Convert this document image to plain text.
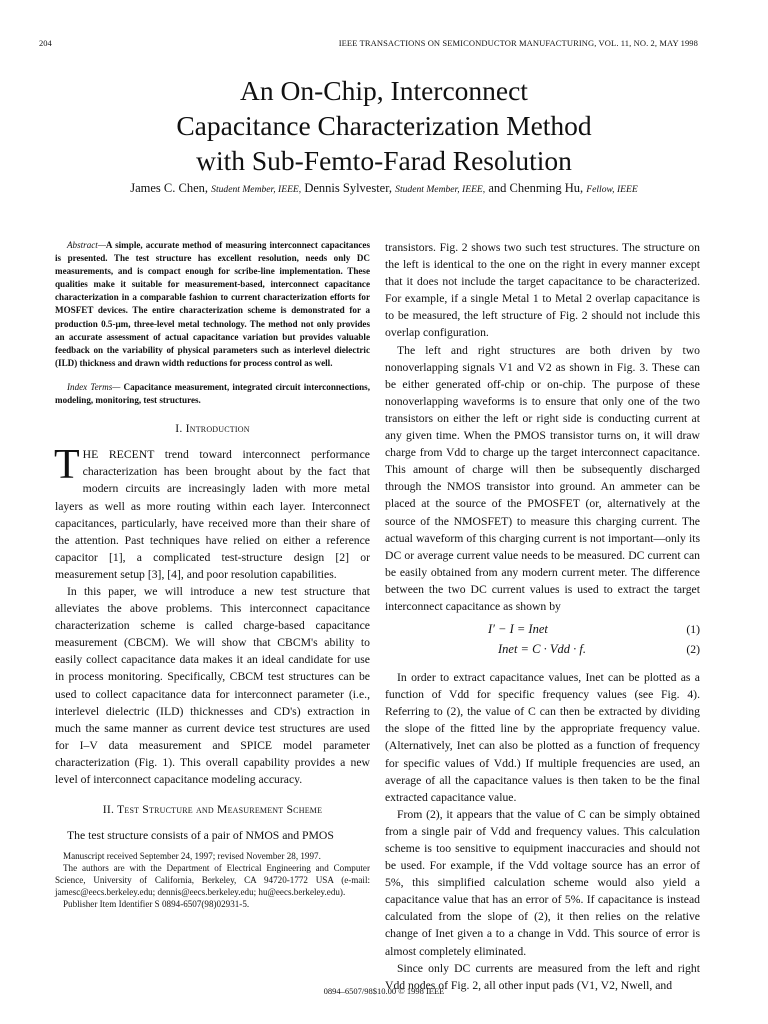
204	IEEE TRANSACTIONS ON SEMICONDUCTOR MANUFACTURING, VOL. 11, NO. 2, MAY 1998
An On-Chip, Interconnect
Capacitance Characterization Method
with Sub-Femto-Farad Resolution
James C. Chen, Student Member, IEEE, Dennis Sylvester, Student Member, IEEE, and Chenming Hu, Fellow, IEEE

Abstract—A simple, accurate method of measuring interconnect capacitances is presented. The test structure has excellent resolution, needs only DC measurements, and is compact enough for scribe-line implementation. These qualities make it suitable for measurement-based, interconnect capacitance characterization in a comparable fashion to current characterization efforts for MOSFET devices. The entire characterization scheme is demonstrated for a production 0.5-μm, three-level metal technology. The method not only provides an accurate assessment of actual capacitance variation but provides valuable feedback on the variability of physical parameters such as interlevel dielectric (ILD) thickness and drawn width reductions for process control as well.

Index Terms— Capacitance measurement, integrated circuit interconnections, modeling, monitoring, test structures.

I. Introduction

THE RECENT trend toward interconnect performance characterization has been brought about by the fact that modern circuits are increasingly laden with more metal layers as well as more routing within each layer. Interconnect capacitances, particularly, have received more than their share of the attention. Past techniques have relied on either a reference capacitor [1], a complicated test-structure design [2] or measurement setup [3], [4], and poor resolution capabilities.

In this paper, we will introduce a new test structure that alleviates the above problems. This interconnect capacitance characterization scheme is called charge-based capacitance measurement (CBCM). We will show that CBCM's ability to easily collect capacitance data makes it an ideal candidate for use in process monitoring. Specifically, CBCM test structures can be used to collect capacitance data for interconnect parameter (i.e., interlevel dielectric (ILD) thicknesses and CD's) extraction in much the same manner as current device test structures are used for I–V data measurement and SPICE model parameter characterization (Fig. 1). This overall capability provides a new level of interconnect capacitance modeling accuracy.

II. Test Structure and Measurement Scheme

The test structure consists of a pair of NMOS and PMOS

Manuscript received September 24, 1997; revised November 28, 1997.

The authors are with the Department of Electrical Engineering and Computer Science, University of California, Berkeley, CA 94720-1772 USA (e-mail: jamesc@eecs.berkeley.edu; dennis@eecs.berkeley.edu; hu@eecs.berkeley.edu).

Publisher Item Identifier S 0894-6507(98)02931-5.

transistors. Fig. 2 shows two such test structures. The structure on the left is identical to the one on the right in every manner except that it does not include the target capacitance to be characterized. For example, if a single Metal 1 to Metal 2 overlap capacitance is to be measured, the left structure of Fig. 2 should not include this overlap configuration.

The left and right structures are both driven by two nonoverlapping signals V1 and V2 as shown in Fig. 3. These can be either generated off-chip or on-chip. The purpose of these nonoverlapping waveforms is to ensure that only one of the two transistors on either the left or right side is conducting current at any given time. When the PMOS transistor turns on, it will draw charge from Vdd to charge up the target interconnect capacitance. This amount of charge will then be subsequently discharged through the NMOS transistor into ground. An ammeter can be placed at the source of the PMOSFET (or, alternatively at the source of the NMOSFET) to measure this charging current. The actual waveform of this charging current is not important—only its DC or average current value needs to be measured. DC current can be easily obtained from any modern current meter. The difference between the two DC current values is used to extract the target interconnect capacitance as shown by

I′ − I = Inet	(1)
Inet = C · Vdd · f.	(2)

In order to extract capacitance values, Inet can be plotted as a function of Vdd for specific frequency values (see Fig. 4). Referring to (2), the value of C can then be extracted by dividing the slope of the fitted line by the appropriate frequency value. (Alternatively, Inet can also be plotted as a function of frequency for specific values of Vdd.) If multiple frequencies are used, an average of all the capacitance values is then taken to be the final extracted capacitance value.

From (2), it appears that the value of C can be simply obtained from a single pair of Vdd and frequency values. This calculation scheme is too sensitive to equipment inaccuracies and should not be used. For example, if the Vdd voltage source has an error of 5%, this simplified calculation scheme would also yield a capacitance value that has an error of 5%. If capacitance is instead calculated from the slope of (2), it then relies on the relative change of Inet given a to a change in Vdd. This source of error is almost completely eliminated.

Since only DC currents are measured from the left and right Vdd nodes of Fig. 2, all other input pads (V1, V2, Nwell, and

0894–6507/98$10.00 © 1998 IEEE
